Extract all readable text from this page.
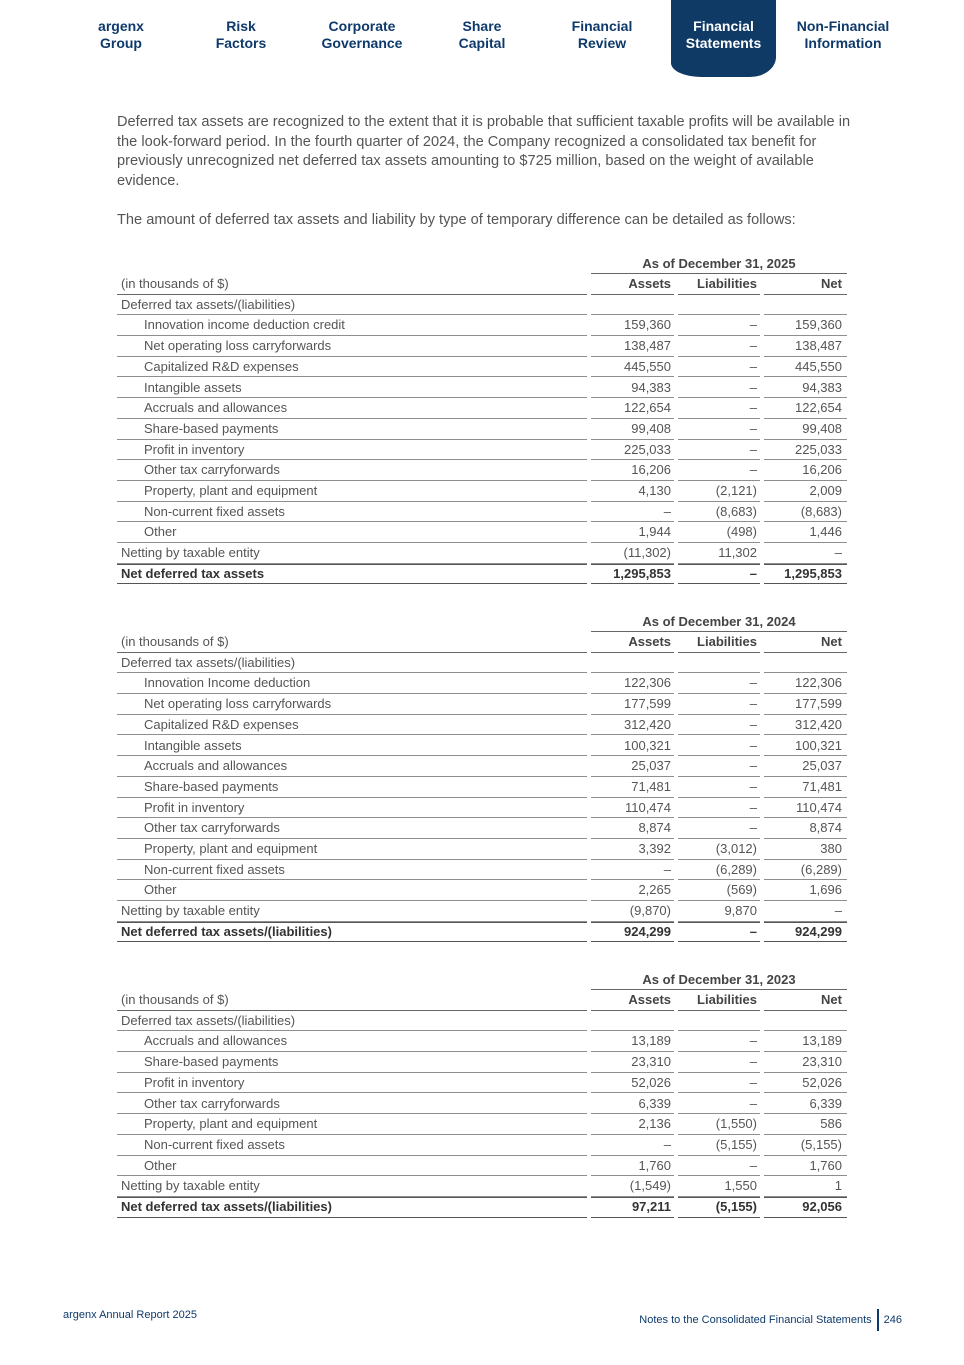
argenx
Group
Risk
Factors
Corporate
Governance
Share
Capital
Financial
Review
Financial
Statements
Non-Financial
Information
Deferred tax assets are recognized to the extent that it is probable that sufficient taxable profits will be available in the look-forward period. In the fourth quarter of 2024, the Company recognized a consolidated tax benefit for previously unrecognized net deferred tax assets amounting to $725 million, based on the weight of available evidence.
The amount of deferred tax assets and liability by type of temporary difference can be detailed as follows:
As of December 31, 2025
(in thousands of $)	Assets	Liabilities	Net
Deferred tax assets/(liabilities)
Innovation income deduction credit	159,360	–	159,360
Net operating loss carryforwards	138,487	–	138,487
Capitalized R&D expenses	445,550	–	445,550
Intangible assets	94,383	–	94,383
Accruals and allowances	122,654	–	122,654
Share-based payments	99,408	–	99,408
Profit in inventory	225,033	–	225,033
Other tax carryforwards	16,206	–	16,206
Property, plant and equipment	4,130	(2,121)	2,009
Non-current fixed assets	–	(8,683)	(8,683)
Other	1,944	(498)	1,446
Netting by taxable entity	(11,302)	11,302	–
Net deferred tax assets	1,295,853	–	1,295,853
As of December 31, 2024
(in thousands of $)	Assets	Liabilities	Net
Deferred tax assets/(liabilities)
Innovation Income deduction	122,306	–	122,306
Net operating loss carryforwards	177,599	–	177,599
Capitalized R&D expenses	312,420	–	312,420
Intangible assets	100,321	–	100,321
Accruals and allowances	25,037	–	25,037
Share-based payments	71,481	–	71,481
Profit in inventory	110,474	–	110,474
Other tax carryforwards	8,874	–	8,874
Property, plant and equipment	3,392	(3,012)	380
Non-current fixed assets	–	(6,289)	(6,289)
Other	2,265	(569)	1,696
Netting by taxable entity	(9,870)	9,870	–
Net deferred tax assets/(liabilities)	924,299	–	924,299
As of December 31, 2023
(in thousands of $)	Assets	Liabilities	Net
Deferred tax assets/(liabilities)
Accruals and allowances	13,189	–	13,189
Share-based payments	23,310	–	23,310
Profit in inventory	52,026	–	52,026
Other tax carryforwards	6,339	–	6,339
Property, plant and equipment	2,136	(1,550)	586
Non-current fixed assets	–	(5,155)	(5,155)
Other	1,760	–	1,760
Netting by taxable entity	(1,549)	1,550	1
Net deferred tax assets/(liabilities)	97,211	(5,155)	92,056
argenx Annual Report 2025	Notes to the Consolidated Financial Statements 246
